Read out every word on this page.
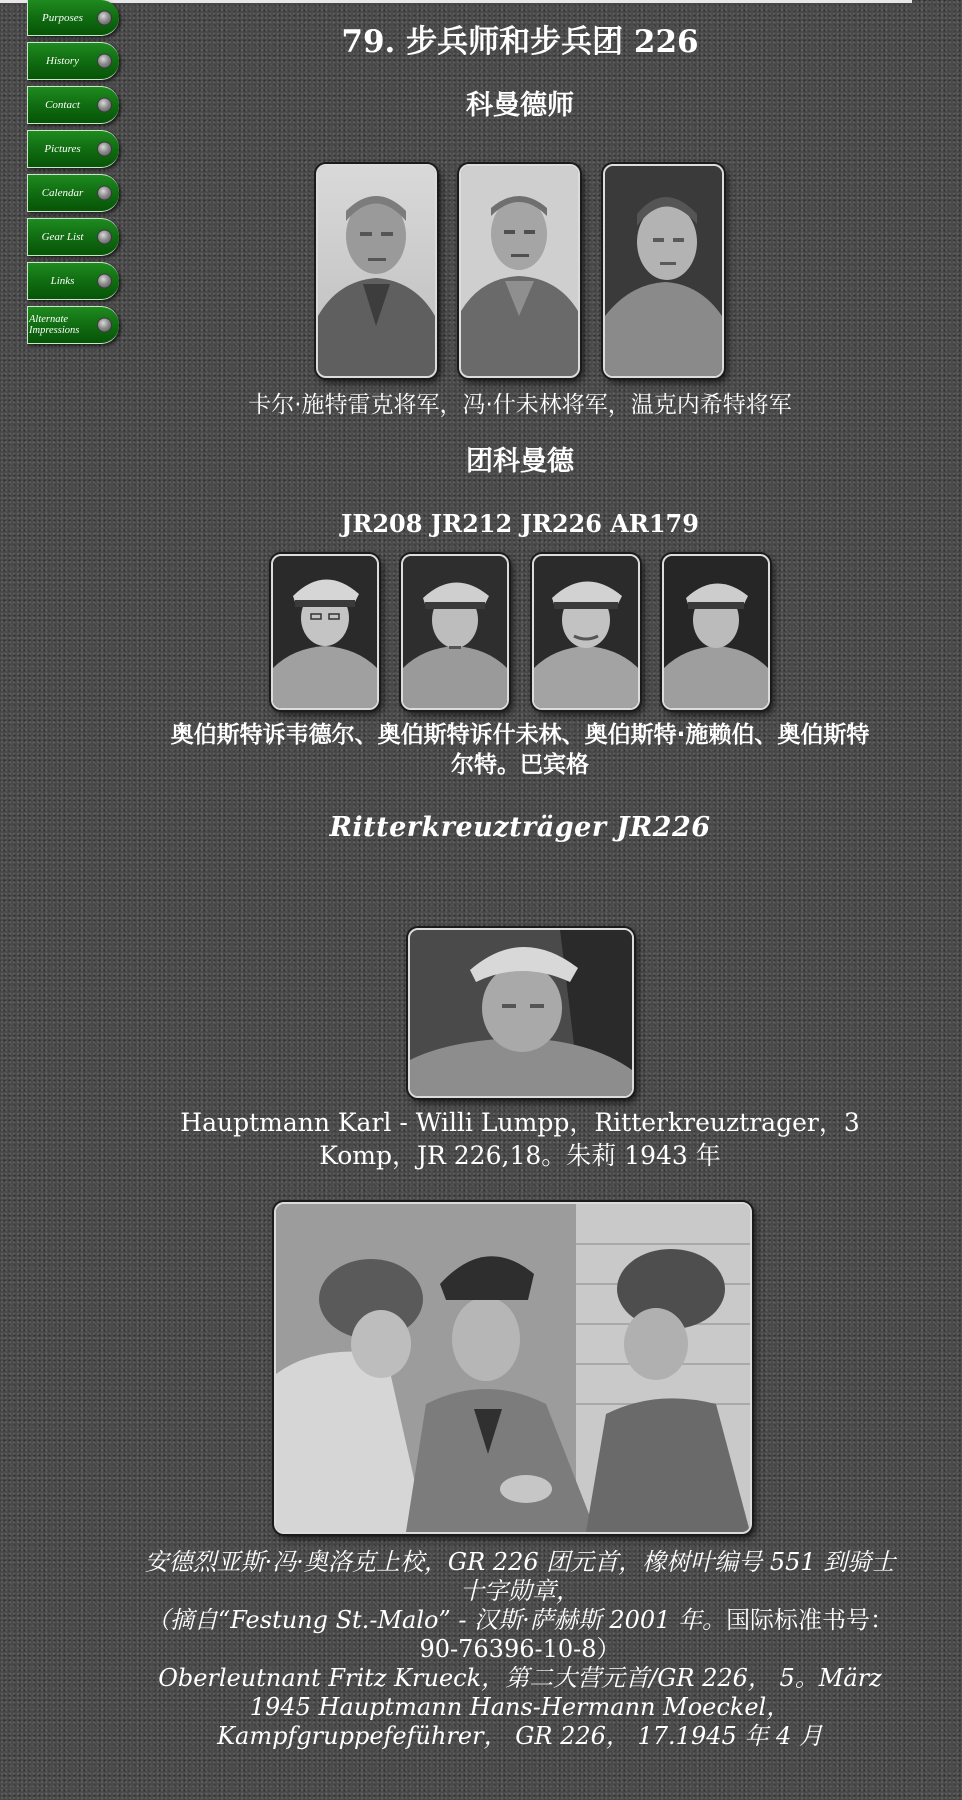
Purposes
History
Contact
Pictures
Calendar
Gear List
Links
Alternate Impressions
79. 步兵师和步兵团 226
科曼德师
卡尔·施特雷克将军，冯·什未林将军，温克内希特将军
团科曼德
JR208 JR212 JR226 AR179
奥伯斯特诉韦德尔、奥伯斯特诉什未林、奥伯斯特·施赖伯、奥伯斯特尔特。巴宾格
Ritterkreuzträger JR226
Hauptmann Karl - Willi Lumpp，Ritterkreuztrager，3 Komp，JR 226,18。朱莉 1943 年
安德烈亚斯·冯·奥洛克上校，GR 226 团元首，橡树叶编号 551 到骑士十字勋章，
（摘自“Festung St.-Malo” - 汉斯·萨赫斯 2001 年。国际标准书号：90-76396-10-8）
Oberleutnant Fritz Krueck，第二大营元首/GR 226， 5。März 1945 Hauptmann Hans-Hermann Moeckel， Kampfgruppefeführer， GR 226， 17.1945 年 4 月
